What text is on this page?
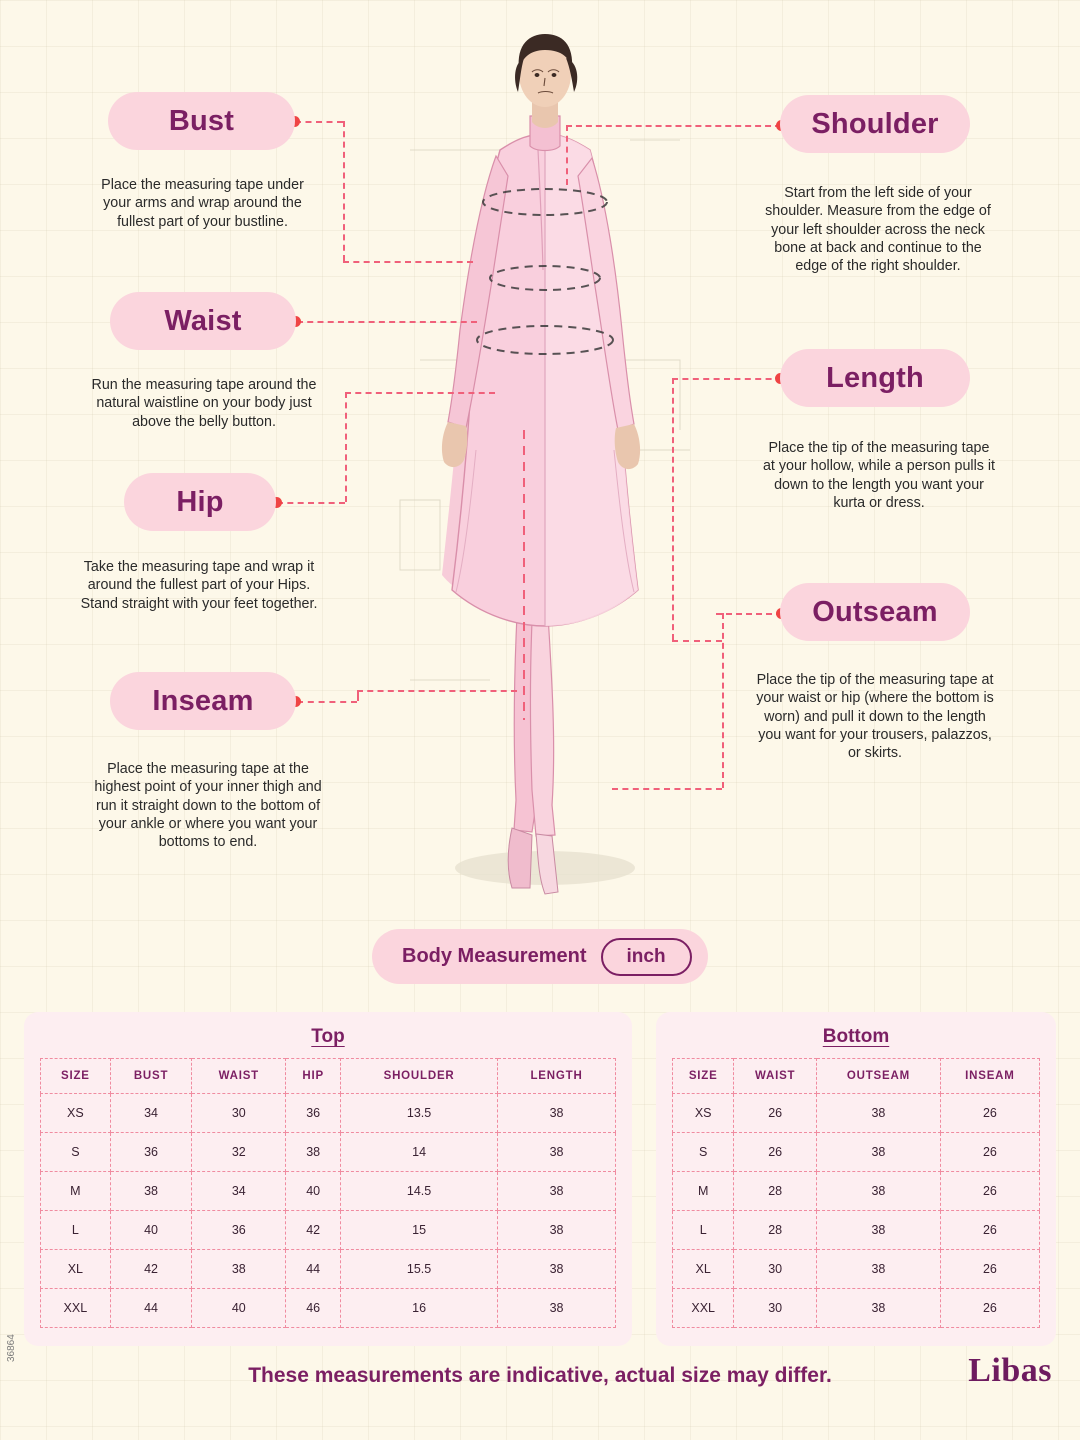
Bust
Place the measuring tape under your arms and wrap around the fullest part of your bustline.
Waist
Run the measuring tape around the natural waistline on your body just above the belly button.
Hip
Take the measuring tape and wrap it around the fullest part of your Hips. Stand straight with your feet together.
Inseam
Place the measuring tape at the highest point of your inner thigh and run it straight down to the bottom of your ankle or where you want your bottoms to end.
Shoulder
Start from the left side of your shoulder. Measure from the edge of your left shoulder across the neck bone at back and continue to the edge of the right shoulder.
Length
Place the tip of the measuring tape at your hollow, while a person pulls it down to the length you want your kurta or dress.
Outseam
Place the tip of the measuring tape at your waist or hip (where the bottom is worn) and pull it down to the length you want for your trousers, palazzos, or skirts.
Body Measurement	inch
Top
SIZE	BUST	WAIST	HIP	SHOULDER	LENGTH
XS	34	30	36	13.5	38
S	36	32	38	14	38
M	38	34	40	14.5	38
L	40	36	42	15	38
XL	42	38	44	15.5	38
XXL	44	40	46	16	38
Bottom
SIZE	WAIST	OUTSEAM	INSEAM
XS	26	38	26
S	26	38	26
M	28	38	26
L	28	38	26
XL	30	38	26
XXL	30	38	26
These measurements are indicative, actual size may differ.	Libas
36864
